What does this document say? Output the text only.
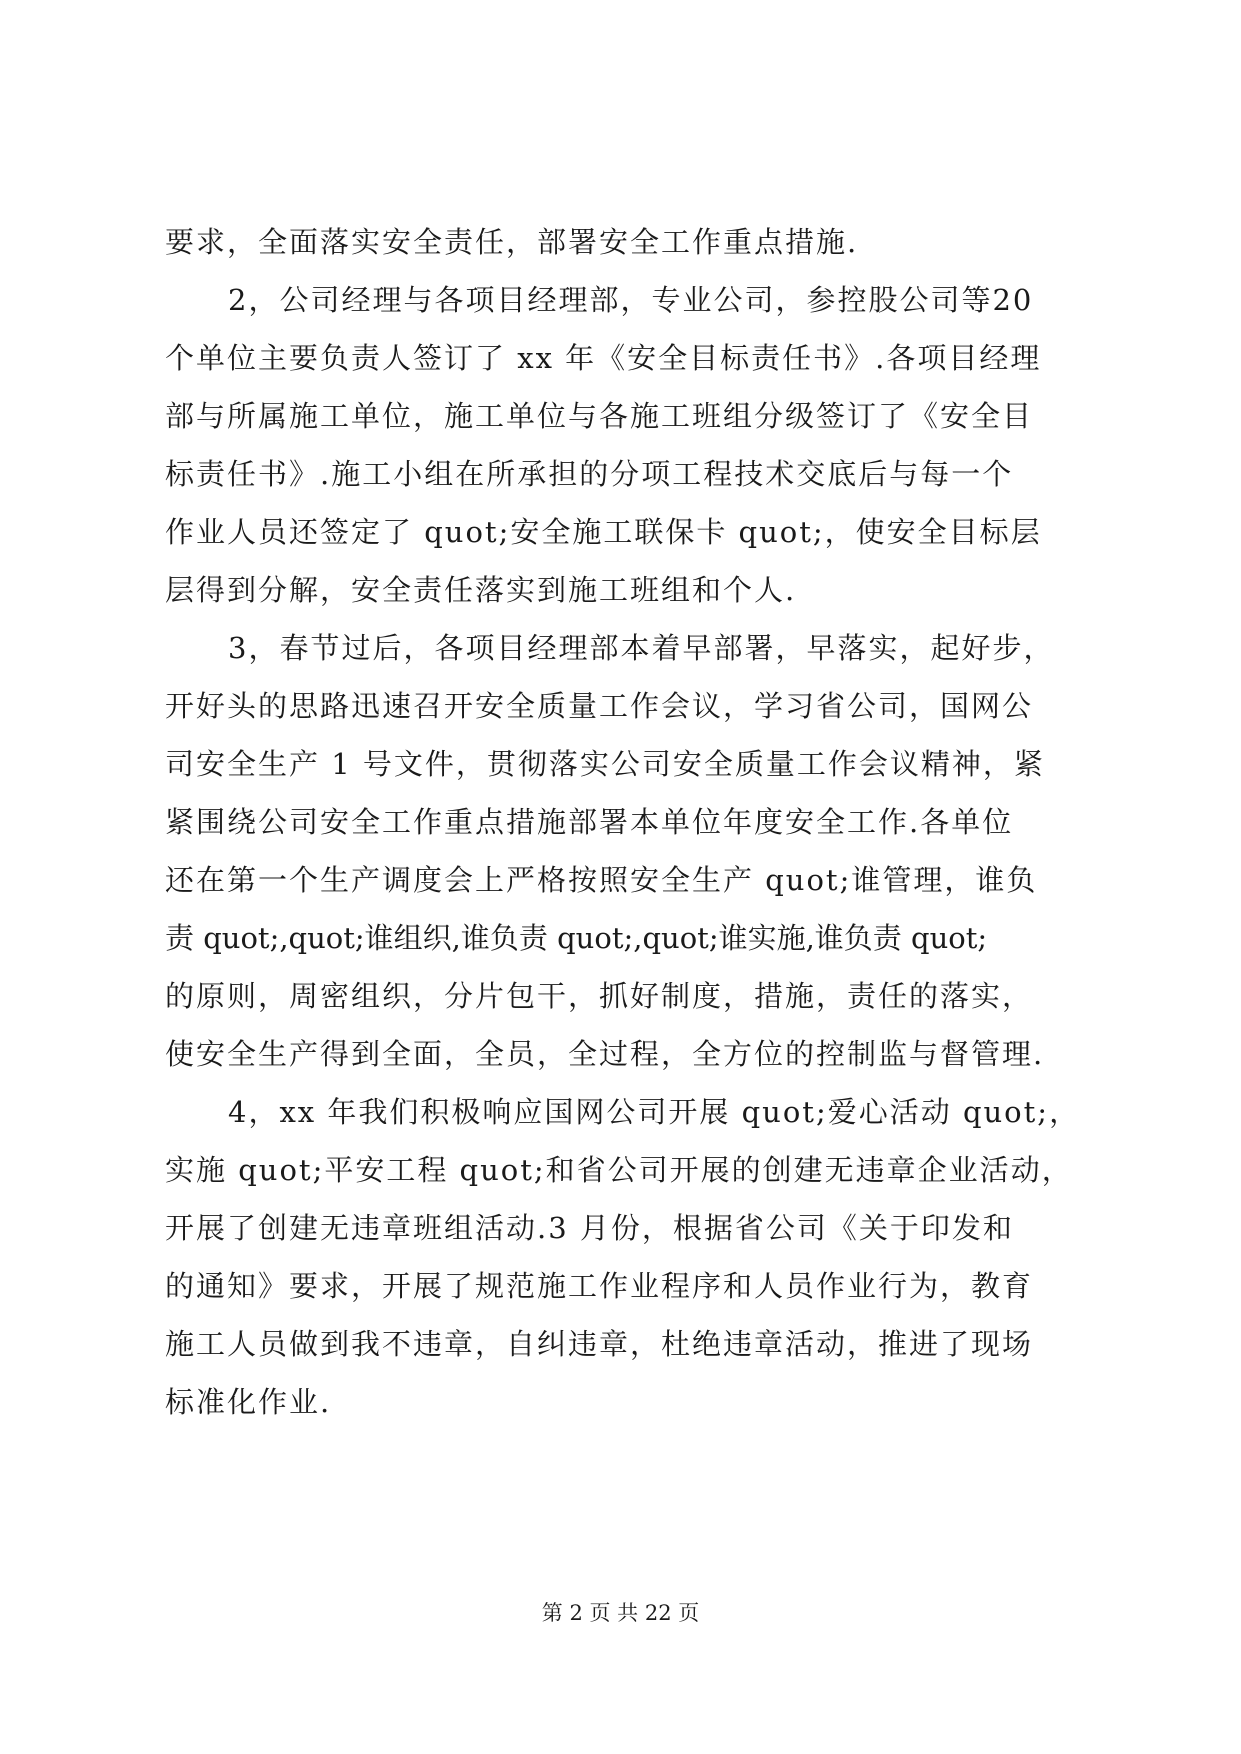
要求，全面落实安全责任，部署安全工作重点措施.
2，公司经理与各项目经理部，专业公司，参控股公司等20
个单位主要负责人签订了 xx 年《安全目标责任书》.各项目经理
部与所属施工单位，施工单位与各施工班组分级签订了《安全目
标责任书》.施工小组在所承担的分项工程技术交底后与每一个
作业人员还签定了 quot;安全施工联保卡 quot;，使安全目标层
层得到分解，安全责任落实到施工班组和个人.
3，春节过后，各项目经理部本着早部署，早落实，起好步，
开好头的思路迅速召开安全质量工作会议，学习省公司，国网公
司安全生产 1 号文件，贯彻落实公司安全质量工作会议精神，紧
紧围绕公司安全工作重点措施部署本单位年度安全工作.各单位
还在第一个生产调度会上严格按照安全生产 quot;谁管理，谁负
责 quot;,quot;谁组织,谁负责 quot;,quot;谁实施,谁负责 quot;
的原则，周密组织，分片包干，抓好制度，措施，责任的落实，
使安全生产得到全面，全员，全过程，全方位的控制监与督管理.
4，xx 年我们积极响应国网公司开展 quot;爱心活动 quot;，
实施 quot;平安工程 quot;和省公司开展的创建无违章企业活动，
开展了创建无违章班组活动.3 月份，根据省公司《关于印发和
的通知》要求，开展了规范施工作业程序和人员作业行为，教育
施工人员做到我不违章，自纠违章，杜绝违章活动，推进了现场
标准化作业.
第 2 页 共 22 页
